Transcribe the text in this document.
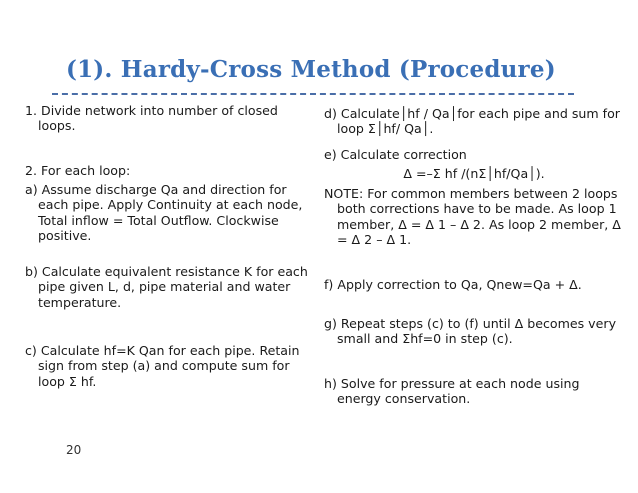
(1). Hardy-Cross Method (Procedure)

1. Divide network into number of closed loops.

2. For each loop:

a) Assume discharge Qa and direction for each pipe. Apply Continuity at each node, Total inflow = Total Outflow. Clockwise positive.

b) Calculate equivalent resistance K for each pipe given L, d, pipe material and water temperature.

c) Calculate hf=K Qan for each pipe. Retain sign from step (a) and compute sum for loop Σ hf.

d) Calculate│hf / Qa│for each pipe and sum for loop Σ│hf/ Qa│.

e) Calculate correction

Δ =–Σ hf /(nΣ│hf/Qa│).

NOTE: For common members between 2 loops both corrections have to be made. As loop 1 member, Δ = Δ 1 – Δ 2. As loop 2 member, Δ = Δ 2 – Δ 1.

f) Apply correction to Qa, Qnew=Qa + Δ.

g) Repeat steps (c) to (f) until Δ becomes very small and Σhf=0 in step (c).

h) Solve for pressure at each node using energy conservation.

20
